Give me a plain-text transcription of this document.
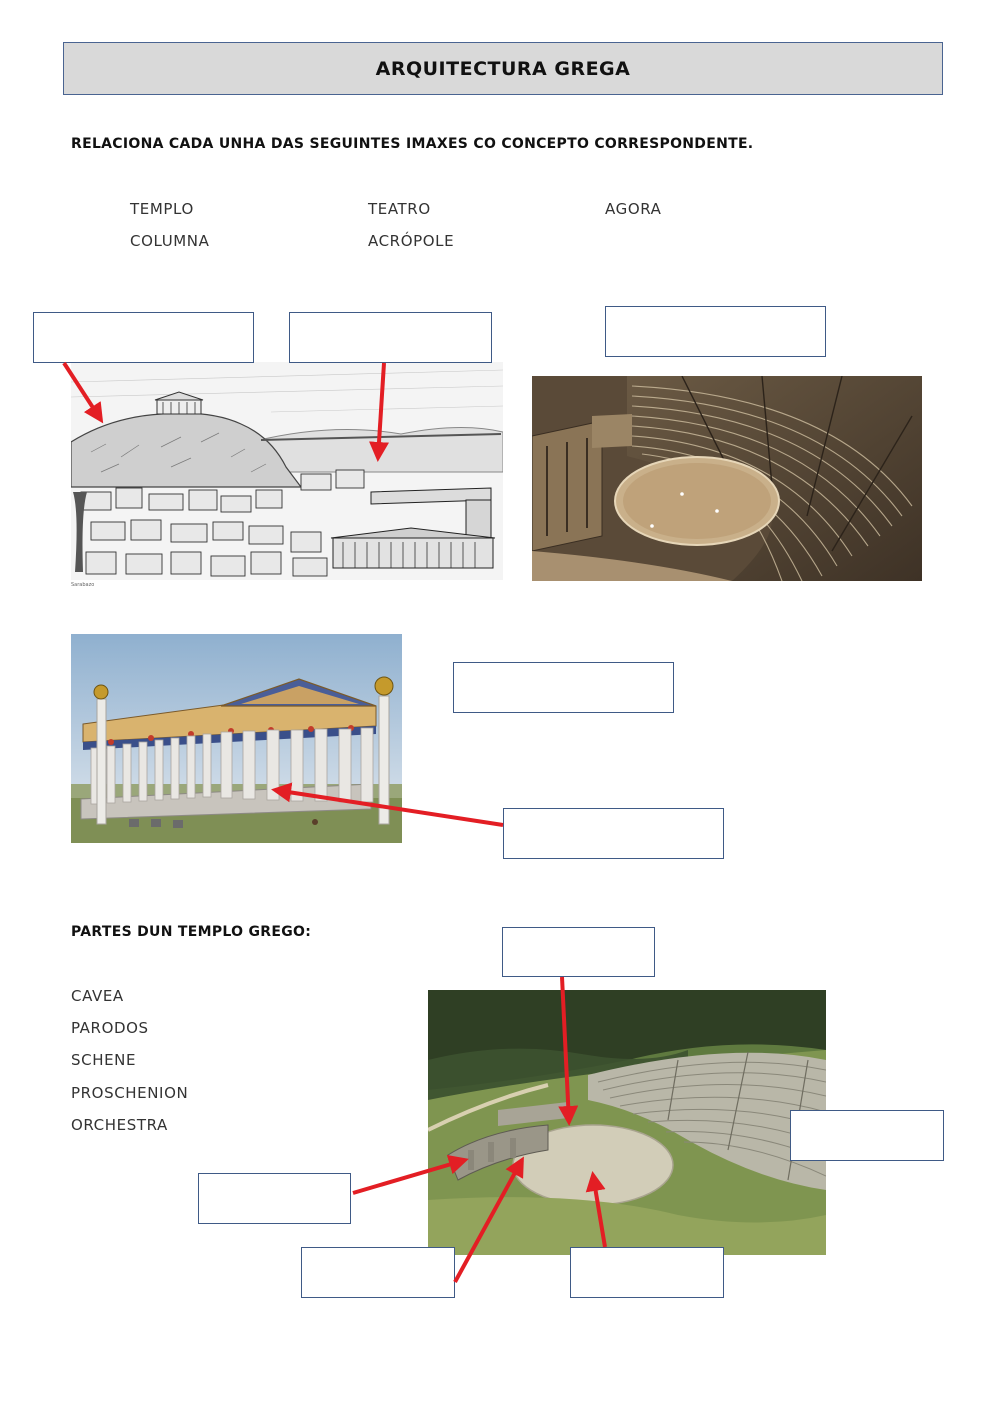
ARQUITECTURA GREGA
RELACIONA CADA UNHA DAS SEGUINTES IMAXES CO CONCEPTO CORRESPONDENTE.
TEMPLO	TEATRO	AGORA
COLUMNA	ACRÓPOLE
Sarabazo
PARTES DUN TEMPLO GREGO:
CAVEA
PARODOS
SCHENE
PROSCHENION
ORCHESTRA
